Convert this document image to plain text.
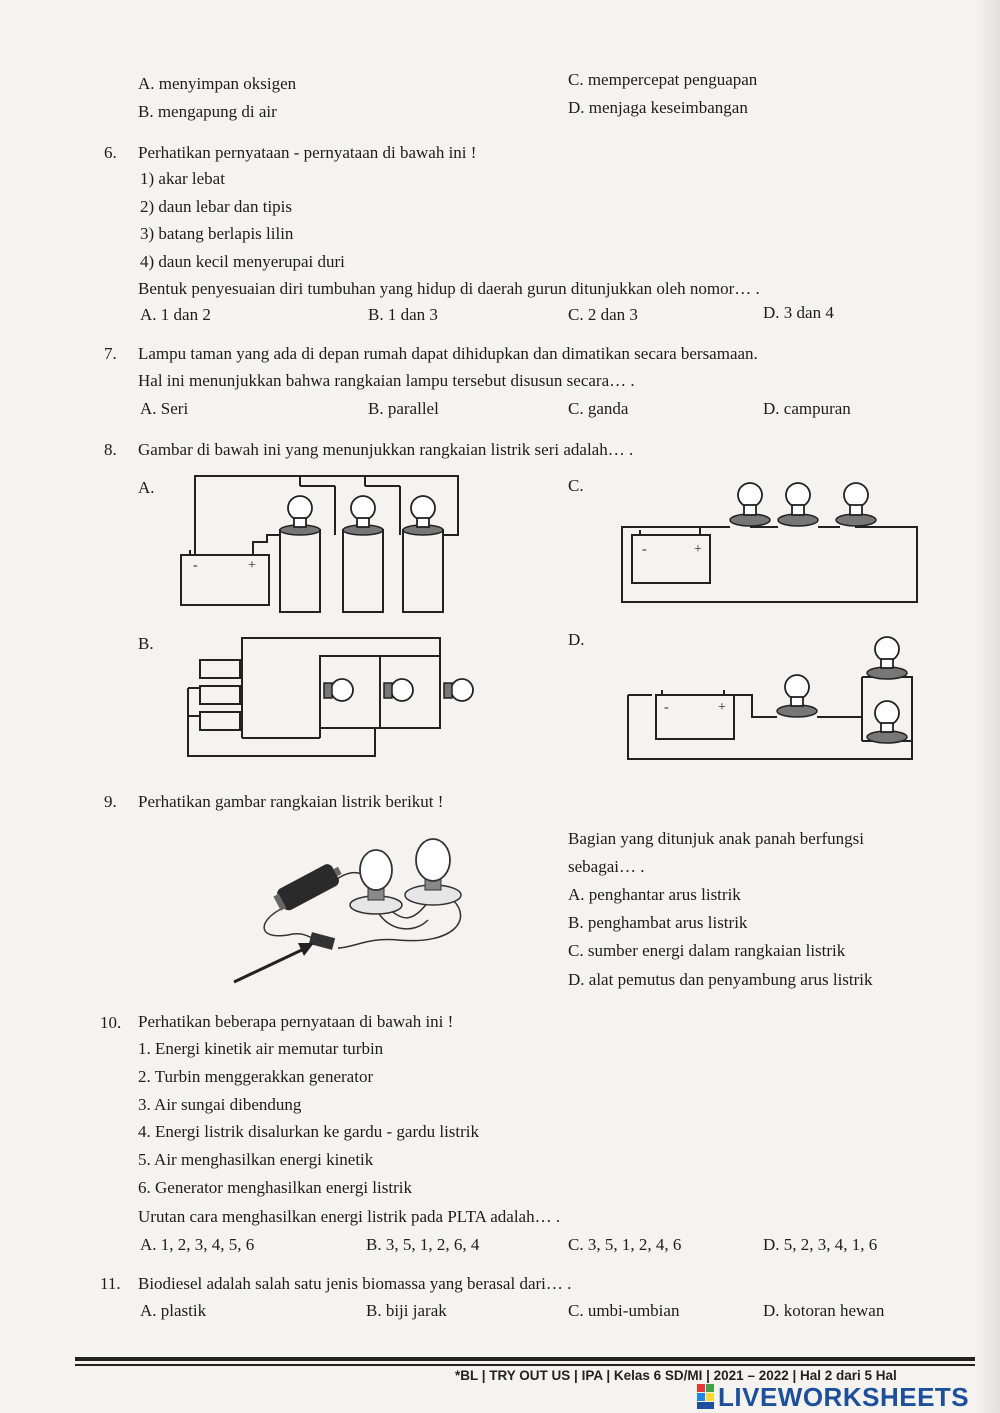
A. menyimpan oksigen	C. mempercepat penguapan
B. mengapung di air	D. menjaga keseimbangan
6. Perhatikan pernyataan - pernyataan di bawah ini !
1) akar lebat
2) daun lebar dan tipis
3) batang berlapis lilin
4) daun kecil menyerupai duri
Bentuk penyesuaian diri tumbuhan yang hidup di daerah gurun ditunjukkan oleh nomor… .
A. 1 dan 2	B. 1 dan 3	C. 2 dan 3	D. 3 dan 4
7. Lampu taman yang ada di depan rumah dapat dihidupkan dan dimatikan secara bersamaan.
Hal ini menunjukkan bahwa rangkaian lampu tersebut disusun secara… .
A. Seri	B. parallel	C. ganda	D. campuran
8. Gambar di bawah ini yang menunjukkan rangkaian listrik seri adalah… .
A.	C.
B.	D.
-	+
-	+
-	+
9. Perhatikan gambar rangkaian listrik berikut !
Bagian yang ditunjuk anak panah berfungsi
sebagai… .
A. penghantar arus listrik
B. penghambat arus listrik
C. sumber energi dalam rangkaian listrik
D. alat pemutus dan penyambung arus listrik
10. Perhatikan beberapa pernyataan di bawah ini !
1. Energi kinetik air memutar turbin
2. Turbin menggerakkan generator
3. Air sungai dibendung
4. Energi listrik disalurkan ke gardu - gardu listrik
5. Air menghasilkan energi kinetik
6. Generator menghasilkan energi listrik
Urutan cara menghasilkan energi listrik pada PLTA adalah… .
A. 1, 2, 3, 4, 5, 6	B. 3, 5, 1, 2, 6, 4	C. 3, 5, 1, 2, 4, 6	D. 5, 2, 3, 4, 1, 6
11. Biodiesel adalah salah satu jenis biomassa yang berasal dari… .
A. plastik	B. biji jarak	C. umbi-umbian	D. kotoran hewan
*BL | TRY OUT US | IPA | Kelas 6 SD/MI | 2021 – 2022 | Hal 2 dari 5 Hal
LIVEWORKSHEETS
